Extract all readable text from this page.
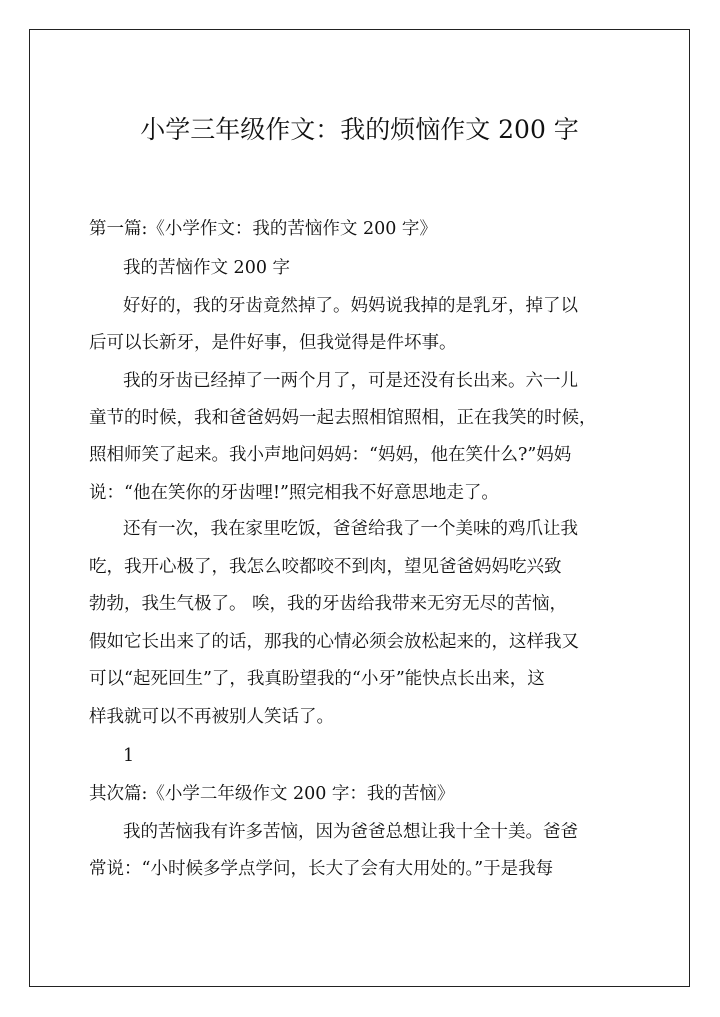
小学三年级作文：我的烦恼作文 200 字
第一篇:《小学作文：我的苦恼作文 200 字》
我的苦恼作文 200 字
好好的，我的牙齿竟然掉了。妈妈说我掉的是乳牙，掉了以
后可以长新牙，是件好事，但我觉得是件坏事。
我的牙齿已经掉了一两个月了，可是还没有长出来。六一儿
童节的时候，我和爸爸妈妈一起去照相馆照相，正在我笑的时候，
照相师笑了起来。我小声地问妈妈：“妈妈，他在笑什么?”妈妈
说：“他在笑你的牙齿哩!”照完相我不好意思地走了。
还有一次，我在家里吃饭，爸爸给我了一个美味的鸡爪让我
吃，我开心极了，我怎么咬都咬不到肉，望见爸爸妈妈吃兴致
勃勃，我生气极了。 唉，我的牙齿给我带来无穷无尽的苦恼，
假如它长出来了的话，那我的心情必须会放松起来的，这样我又
可以“起死回生”了，我真盼望我的“小牙”能快点长出来，这
样我就可以不再被别人笑话了。
1
其次篇:《小学二年级作文 200 字：我的苦恼》
我的苦恼我有许多苦恼，因为爸爸总想让我十全十美。爸爸
常说：“小时候多学点学问，长大了会有大用处的。”于是我每
